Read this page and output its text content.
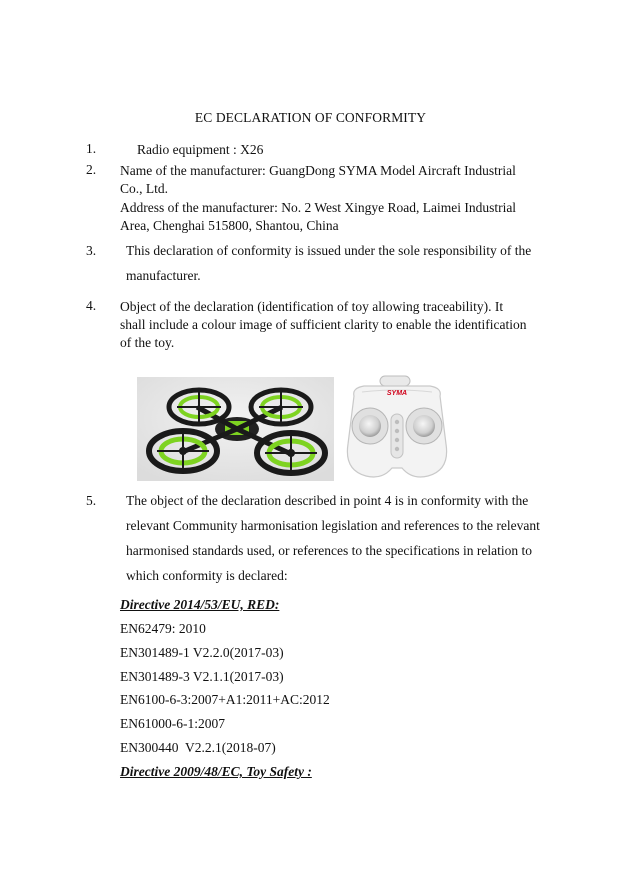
EC DECLARATION OF CONFORMITY
1.	Radio equipment : X26
2. Name of the manufacturer: GuangDong SYMA Model Aircraft Industrial Co., Ltd.
Address of the manufacturer: No. 2 West Xingye Road, Laimei Industrial Area, Chenghai 515800, Shantou, China
3. This declaration of conformity is issued under the sole responsibility of the manufacturer.
4. Object of the declaration (identification of toy allowing traceability). It shall include a colour image of sufficient clarity to enable the identification of the toy.
SYMA
5. The object of the declaration described in point 4 is in conformity with the relevant Community harmonisation legislation and references to the relevant harmonised standards used, or references to the specifications in relation to which conformity is declared:
Directive 2014/53/EU, RED:
EN62479: 2010
EN301489-1 V2.2.0(2017-03)
EN301489-3 V2.1.1(2017-03)
EN6100-6-3:2007+A1:2011+AC:2012
EN61000-6-1:2007
EN300440  V2.2.1(2018-07)
Directive 2009/48/EC, Toy Safety :
